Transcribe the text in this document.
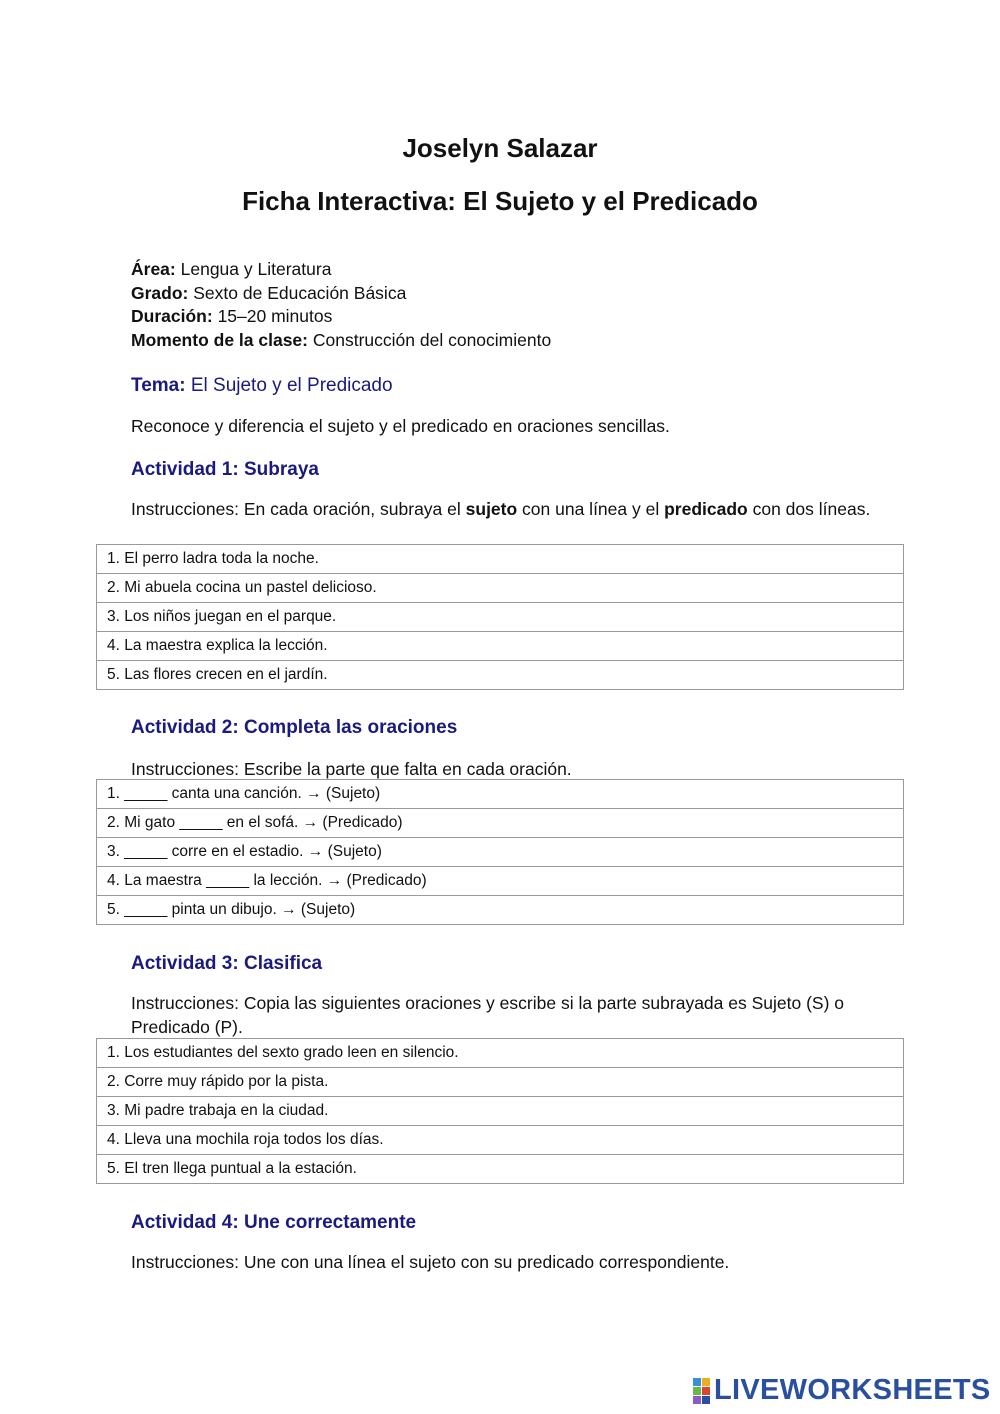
Joselyn Salazar
Ficha Interactiva: El Sujeto y el Predicado
Área: Lengua y Literatura
Grado: Sexto de Educación Básica
Duración: 15–20 minutos
Momento de la clase: Construcción del conocimiento
Tema: El Sujeto y el Predicado
Reconoce y diferencia el sujeto y el predicado en oraciones sencillas.
Actividad 1: Subraya
Instrucciones: En cada oración, subraya el sujeto con una línea y el predicado con dos líneas.
1. El perro ladra toda la noche.
2. Mi abuela cocina un pastel delicioso.
3. Los niños juegan en el parque.
4. La maestra explica la lección.
5. Las flores crecen en el jardín.
Actividad 2: Completa las oraciones
Instrucciones: Escribe la parte que falta en cada oración.
1. _____ canta una canción. → (Sujeto)
2. Mi gato _____ en el sofá. → (Predicado)
3. _____ corre en el estadio. → (Sujeto)
4. La maestra _____ la lección. → (Predicado)
5. _____ pinta un dibujo. → (Sujeto)
Actividad 3: Clasifica
Instrucciones: Copia las siguientes oraciones y escribe si la parte subrayada es Sujeto (S) o Predicado (P).
1. Los estudiantes del sexto grado leen en silencio.
2. Corre muy rápido por la pista.
3. Mi padre trabaja en la ciudad.
4. Lleva una mochila roja todos los días.
5. El tren llega puntual a la estación.
Actividad 4: Une correctamente
Instrucciones: Une con una línea el sujeto con su predicado correspondiente.
LIVEWORKSHEETS
